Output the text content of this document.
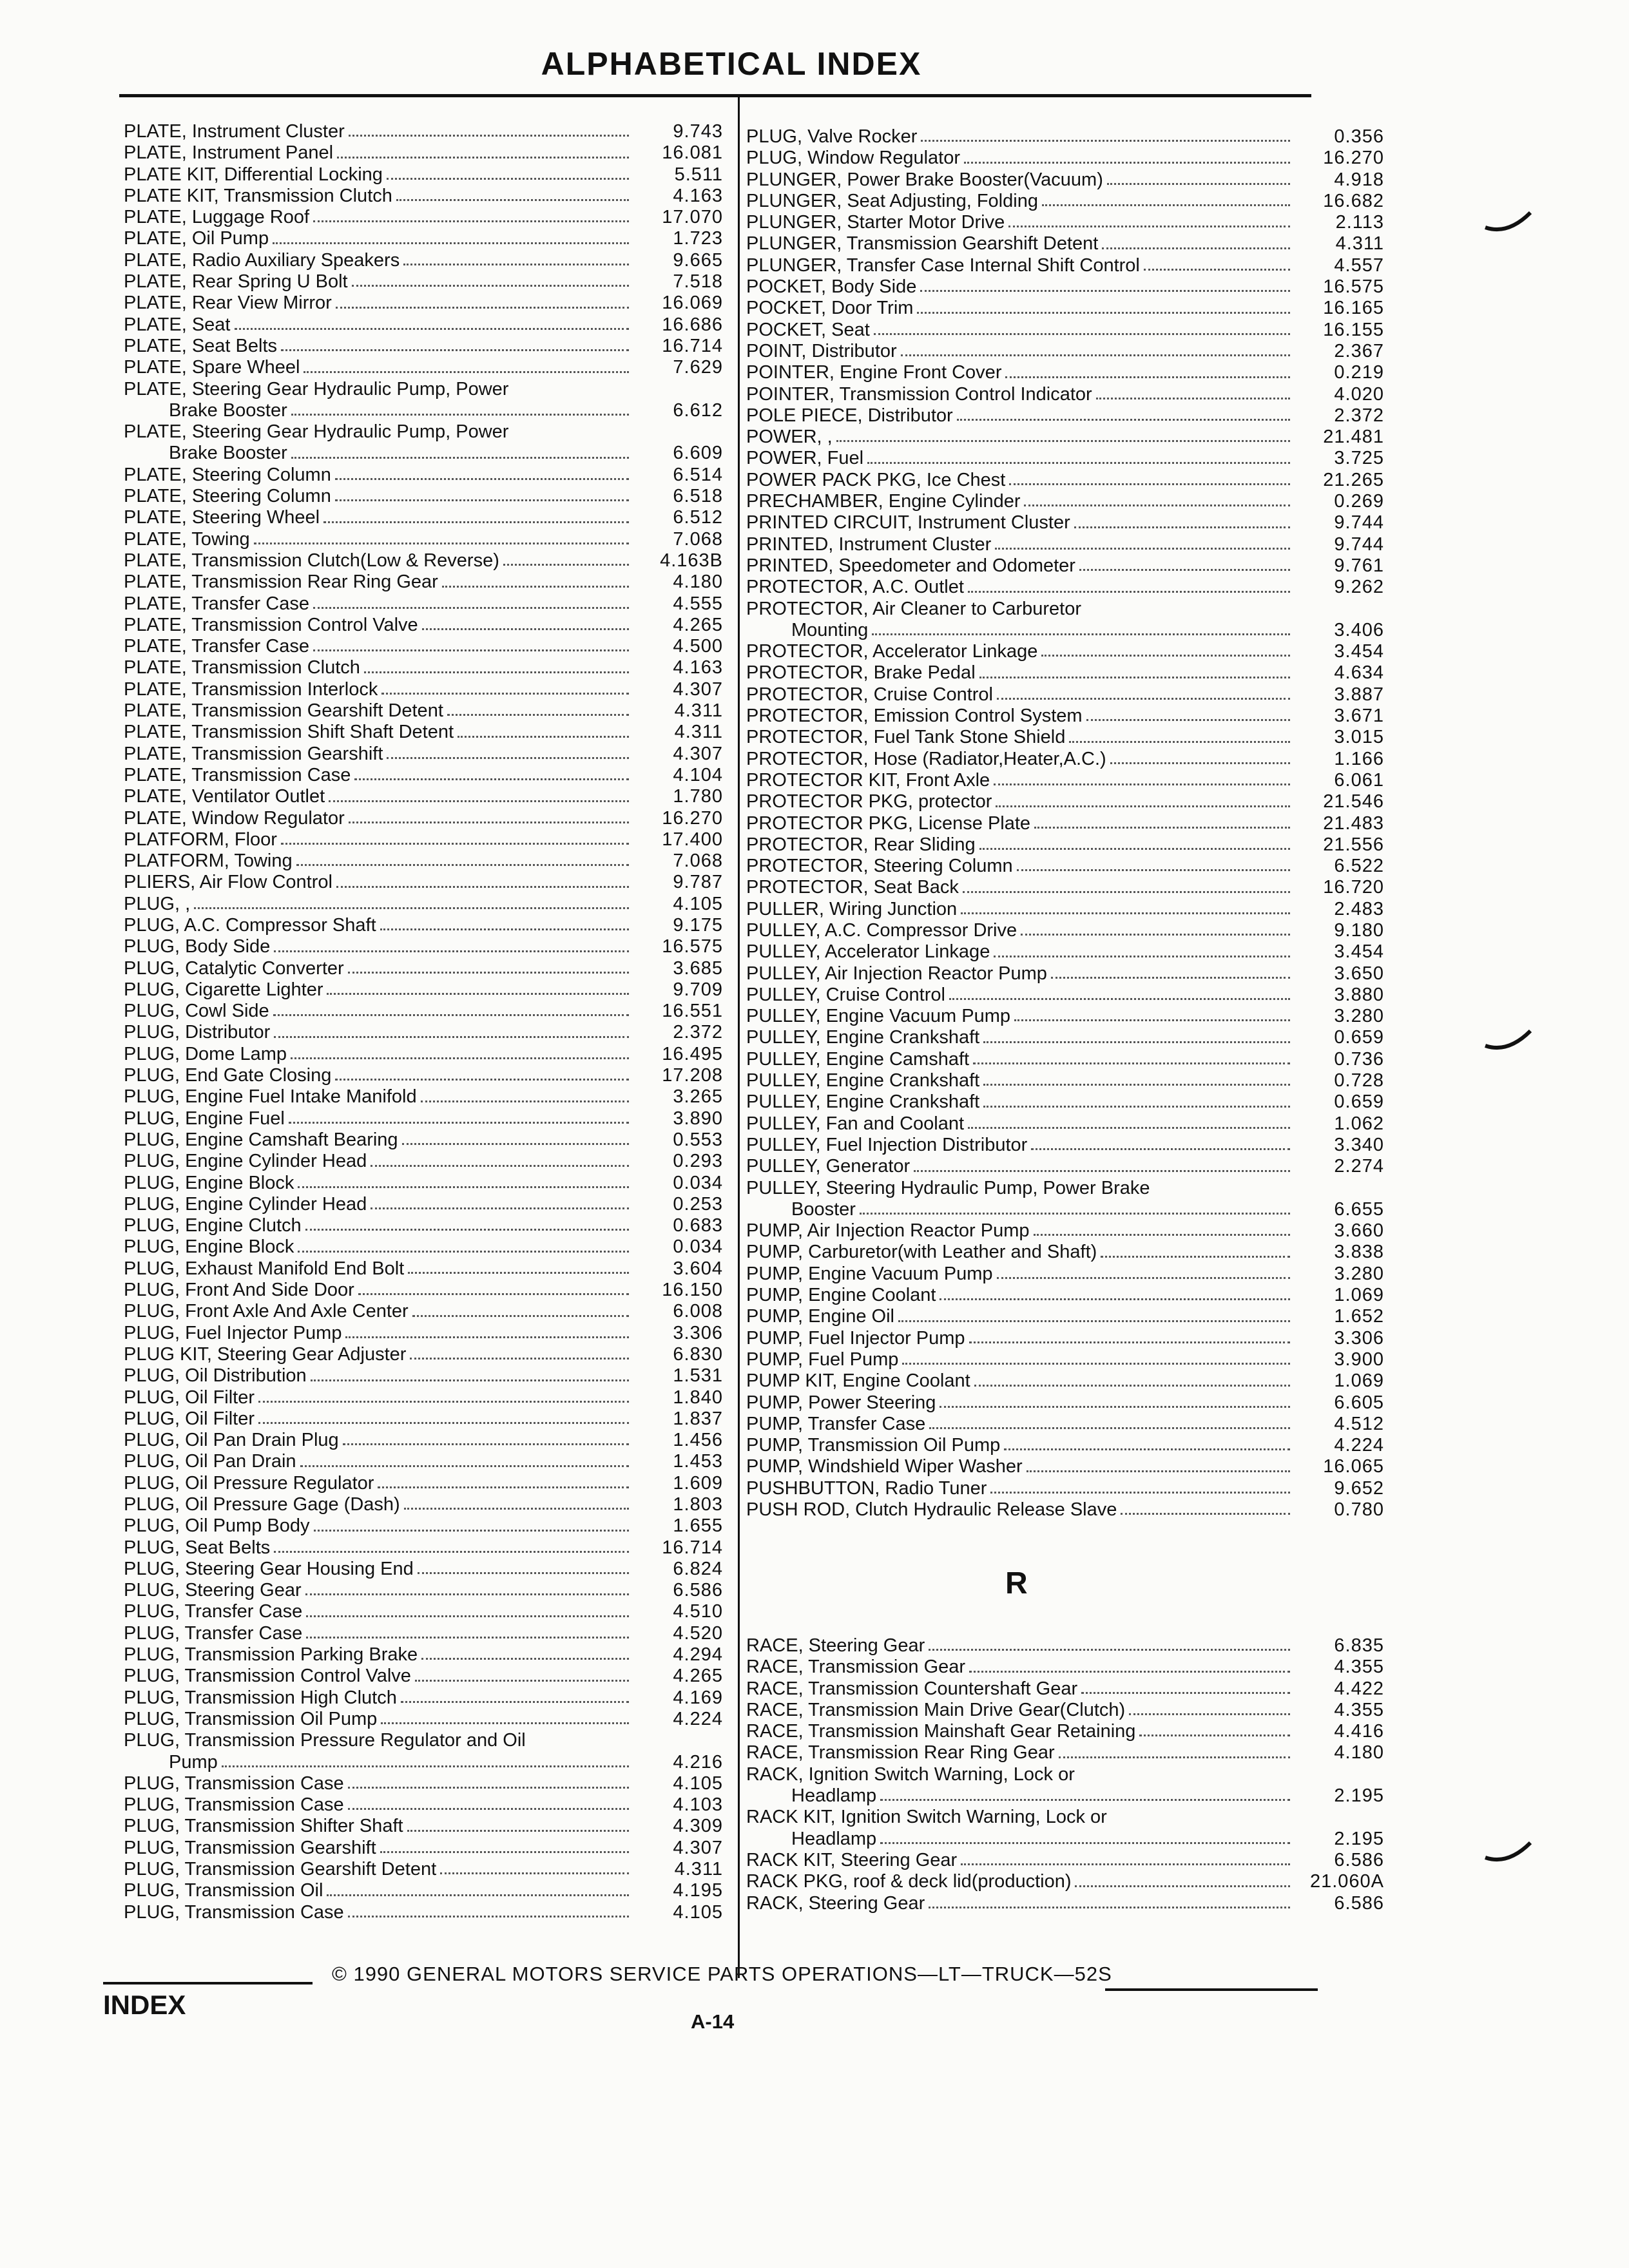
ALPHABETICAL INDEX
PLATE, Instrument Cluster	9.743
PLATE, Instrument Panel	16.081
PLATE KIT, Differential Locking	5.511
PLATE KIT, Transmission Clutch	4.163
PLATE, Luggage Roof	17.070
PLATE, Oil Pump	1.723
PLATE, Radio Auxiliary Speakers	9.665
PLATE, Rear Spring U Bolt	7.518
PLATE, Rear View Mirror	16.069
PLATE, Seat	16.686
PLATE, Seat Belts	16.714
PLATE, Spare Wheel	7.629
PLATE, Steering Gear Hydraulic Pump, Power
Brake Booster	6.612
PLATE, Steering Gear Hydraulic Pump, Power
Brake Booster	6.609
PLATE, Steering Column	6.514
PLATE, Steering Column	6.518
PLATE, Steering Wheel	6.512
PLATE, Towing	7.068
PLATE, Transmission Clutch(Low & Reverse)	4.163B
PLATE, Transmission Rear Ring Gear	4.180
PLATE, Transfer Case	4.555
PLATE, Transmission Control Valve	4.265
PLATE, Transfer Case	4.500
PLATE, Transmission Clutch	4.163
PLATE, Transmission Interlock	4.307
PLATE, Transmission Gearshift Detent	4.311
PLATE, Transmission Shift Shaft Detent	4.311
PLATE, Transmission Gearshift	4.307
PLATE, Transmission Case	4.104
PLATE, Ventilator Outlet	1.780
PLATE, Window Regulator	16.270
PLATFORM, Floor	17.400
PLATFORM, Towing	7.068
PLIERS, Air Flow Control	9.787
PLUG, ,	4.105
PLUG, A.C. Compressor Shaft	9.175
PLUG, Body Side	16.575
PLUG, Catalytic Converter	3.685
PLUG, Cigarette Lighter	9.709
PLUG, Cowl Side	16.551
PLUG, Distributor	2.372
PLUG, Dome Lamp	16.495
PLUG, End Gate Closing	17.208
PLUG, Engine Fuel Intake Manifold	3.265
PLUG, Engine Fuel	3.890
PLUG, Engine Camshaft Bearing	0.553
PLUG, Engine Cylinder Head	0.293
PLUG, Engine Block	0.034
PLUG, Engine Cylinder Head	0.253
PLUG, Engine Clutch	0.683
PLUG, Engine Block	0.034
PLUG, Exhaust Manifold End Bolt	3.604
PLUG, Front And Side Door	16.150
PLUG, Front Axle And Axle Center	6.008
PLUG, Fuel Injector Pump	3.306
PLUG KIT, Steering Gear Adjuster	6.830
PLUG, Oil Distribution	1.531
PLUG, Oil Filter	1.840
PLUG, Oil Filter	1.837
PLUG, Oil Pan Drain Plug	1.456
PLUG, Oil Pan Drain	1.453
PLUG, Oil Pressure Regulator	1.609
PLUG, Oil Pressure Gage (Dash)	1.803
PLUG, Oil Pump Body	1.655
PLUG, Seat Belts	16.714
PLUG, Steering Gear Housing End	6.824
PLUG, Steering Gear	6.586
PLUG, Transfer Case	4.510
PLUG, Transfer Case	4.520
PLUG, Transmission Parking Brake	4.294
PLUG, Transmission Control Valve	4.265
PLUG, Transmission High Clutch	4.169
PLUG, Transmission Oil Pump	4.224
PLUG, Transmission Pressure Regulator and Oil
Pump	4.216
PLUG, Transmission Case	4.105
PLUG, Transmission Case	4.103
PLUG, Transmission Shifter Shaft	4.309
PLUG, Transmission Gearshift	4.307
PLUG, Transmission Gearshift Detent	4.311
PLUG, Transmission Oil	4.195
PLUG, Transmission Case	4.105
PLUG, Valve Rocker	0.356
PLUG, Window Regulator	16.270
PLUNGER, Power Brake Booster(Vacuum)	4.918
PLUNGER, Seat Adjusting, Folding	16.682
PLUNGER, Starter Motor Drive	2.113
PLUNGER, Transmission Gearshift Detent	4.311
PLUNGER, Transfer Case Internal Shift Control	4.557
POCKET, Body Side	16.575
POCKET, Door Trim	16.165
POCKET, Seat	16.155
POINT, Distributor	2.367
POINTER, Engine Front Cover	0.219
POINTER, Transmission Control Indicator	4.020
POLE PIECE, Distributor	2.372
POWER, ,	21.481
POWER, Fuel	3.725
POWER PACK PKG, Ice Chest	21.265
PRECHAMBER, Engine Cylinder	0.269
PRINTED CIRCUIT, Instrument Cluster	9.744
PRINTED, Instrument Cluster	9.744
PRINTED, Speedometer and Odometer	9.761
PROTECTOR, A.C. Outlet	9.262
PROTECTOR, Air Cleaner to Carburetor
Mounting	3.406
PROTECTOR, Accelerator Linkage	3.454
PROTECTOR, Brake Pedal	4.634
PROTECTOR, Cruise Control	3.887
PROTECTOR, Emission Control System	3.671
PROTECTOR, Fuel Tank Stone Shield	3.015
PROTECTOR, Hose (Radiator,Heater,A.C.)	1.166
PROTECTOR KIT, Front Axle	6.061
PROTECTOR PKG, protector	21.546
PROTECTOR PKG, License Plate	21.483
PROTECTOR, Rear Sliding	21.556
PROTECTOR, Steering Column	6.522
PROTECTOR, Seat Back	16.720
PULLER, Wiring Junction	2.483
PULLEY, A.C. Compressor Drive	9.180
PULLEY, Accelerator Linkage	3.454
PULLEY, Air Injection Reactor Pump	3.650
PULLEY, Cruise Control	3.880
PULLEY, Engine Vacuum Pump	3.280
PULLEY, Engine Crankshaft	0.659
PULLEY, Engine Camshaft	0.736
PULLEY, Engine Crankshaft	0.728
PULLEY, Engine Crankshaft	0.659
PULLEY, Fan and Coolant	1.062
PULLEY, Fuel Injection Distributor	3.340
PULLEY, Generator	2.274
PULLEY, Steering Hydraulic Pump, Power Brake
Booster	6.655
PUMP, Air Injection Reactor Pump	3.660
PUMP, Carburetor(with Leather and Shaft)	3.838
PUMP, Engine Vacuum Pump	3.280
PUMP, Engine Coolant	1.069
PUMP, Engine Oil	1.652
PUMP, Fuel Injector Pump	3.306
PUMP, Fuel Pump	3.900
PUMP KIT, Engine Coolant	1.069
PUMP, Power Steering	6.605
PUMP, Transfer Case	4.512
PUMP, Transmission Oil Pump	4.224
PUMP, Windshield Wiper Washer	16.065
PUSHBUTTON, Radio Tuner	9.652
PUSH ROD, Clutch Hydraulic Release Slave	0.780
R
RACE, Steering Gear	6.835
RACE, Transmission Gear	4.355
RACE, Transmission Countershaft Gear	4.422
RACE, Transmission Main Drive Gear(Clutch)	4.355
RACE, Transmission Mainshaft Gear Retaining	4.416
RACE, Transmission Rear Ring Gear	4.180
RACK, Ignition Switch Warning, Lock or
Headlamp	2.195
RACK KIT, Ignition Switch Warning, Lock or
Headlamp	2.195
RACK KIT, Steering Gear	6.586
RACK PKG, roof & deck lid(production)	21.060A
RACK, Steering Gear	6.586
© 1990 GENERAL MOTORS SERVICE PARTS OPERATIONS—LT—TRUCK—52S
INDEX
A-14
